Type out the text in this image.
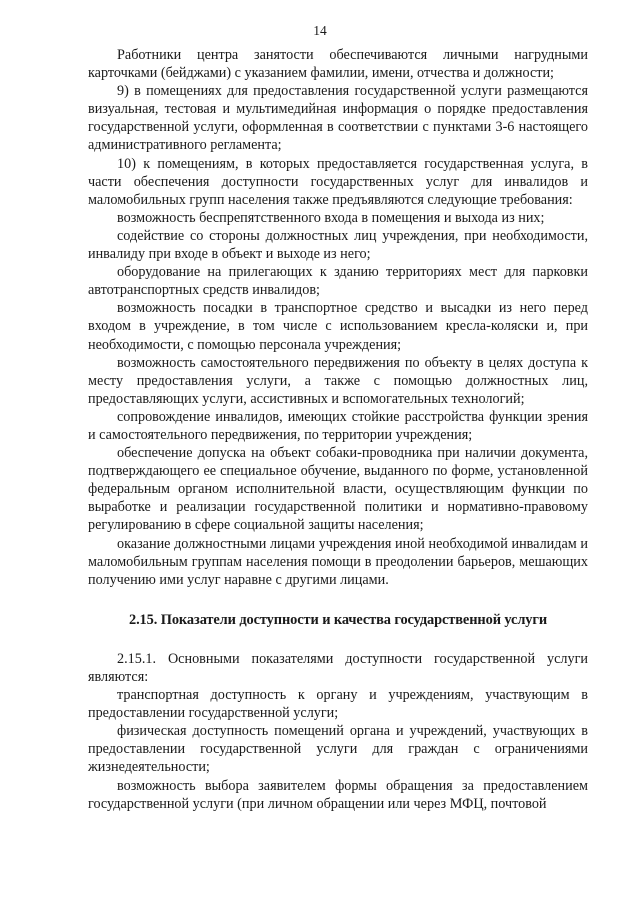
14

Работники центра занятости обеспечиваются личными нагрудными карточками (бейджами) с указанием фамилии, имени, отчества и должности;

9) в помещениях для предоставления государственной услуги размещаются визуальная, тестовая и мультимедийная информация о порядке предоставления государственной услуги, оформленная в соответствии с пунктами 3-6 настоящего административного регламента;

10) к помещениям, в которых предоставляется государственная услуга, в части обеспечения доступности государственных услуг для инвалидов и маломобильных групп населения также предъявляются следующие требования:

возможность беспрепятственного входа в помещения и выхода из них;

содействие со стороны должностных лиц учреждения, при необходимости, инвалиду при входе в объект и выходе из него;

оборудование на прилегающих к зданию территориях мест для парковки автотранспортных средств инвалидов;

возможность посадки в транспортное средство и высадки из него перед входом в учреждение, в том числе с использованием кресла-коляски и, при необходимости, с помощью персонала учреждения;

возможность самостоятельного передвижения по объекту в целях доступа к месту предоставления услуги, а также с помощью должностных лиц, предоставляющих услуги, ассистивных и вспомогательных технологий;

сопровождение инвалидов, имеющих стойкие расстройства функции зрения и самостоятельного передвижения, по территории учреждения;

обеспечение допуска на объект собаки-проводника при наличии документа, подтверждающего ее специальное обучение, выданного по форме, установленной федеральным органом исполнительной власти, осуществляющим функции по выработке и реализации государственной политики и нормативно-правовому регулированию в сфере социальной защиты населения;

оказание должностными лицами учреждения иной необходимой инвалидам и маломобильным группам населения помощи в преодолении барьеров, мешающих получению ими услуг наравне с другими лицами.

2.15. Показатели доступности и качества государственной услуги

2.15.1. Основными показателями доступности государственной услуги являются:

транспортная доступность к органу и учреждениям, участвующим в предоставлении государственной услуги;

физическая доступность помещений органа и учреждений, участвующих в предоставлении государственной услуги для граждан с ограничениями жизнедеятельности;

возможность выбора заявителем формы обращения за предоставлением государственной услуги (при личном обращении или через МФЦ, почтовой
